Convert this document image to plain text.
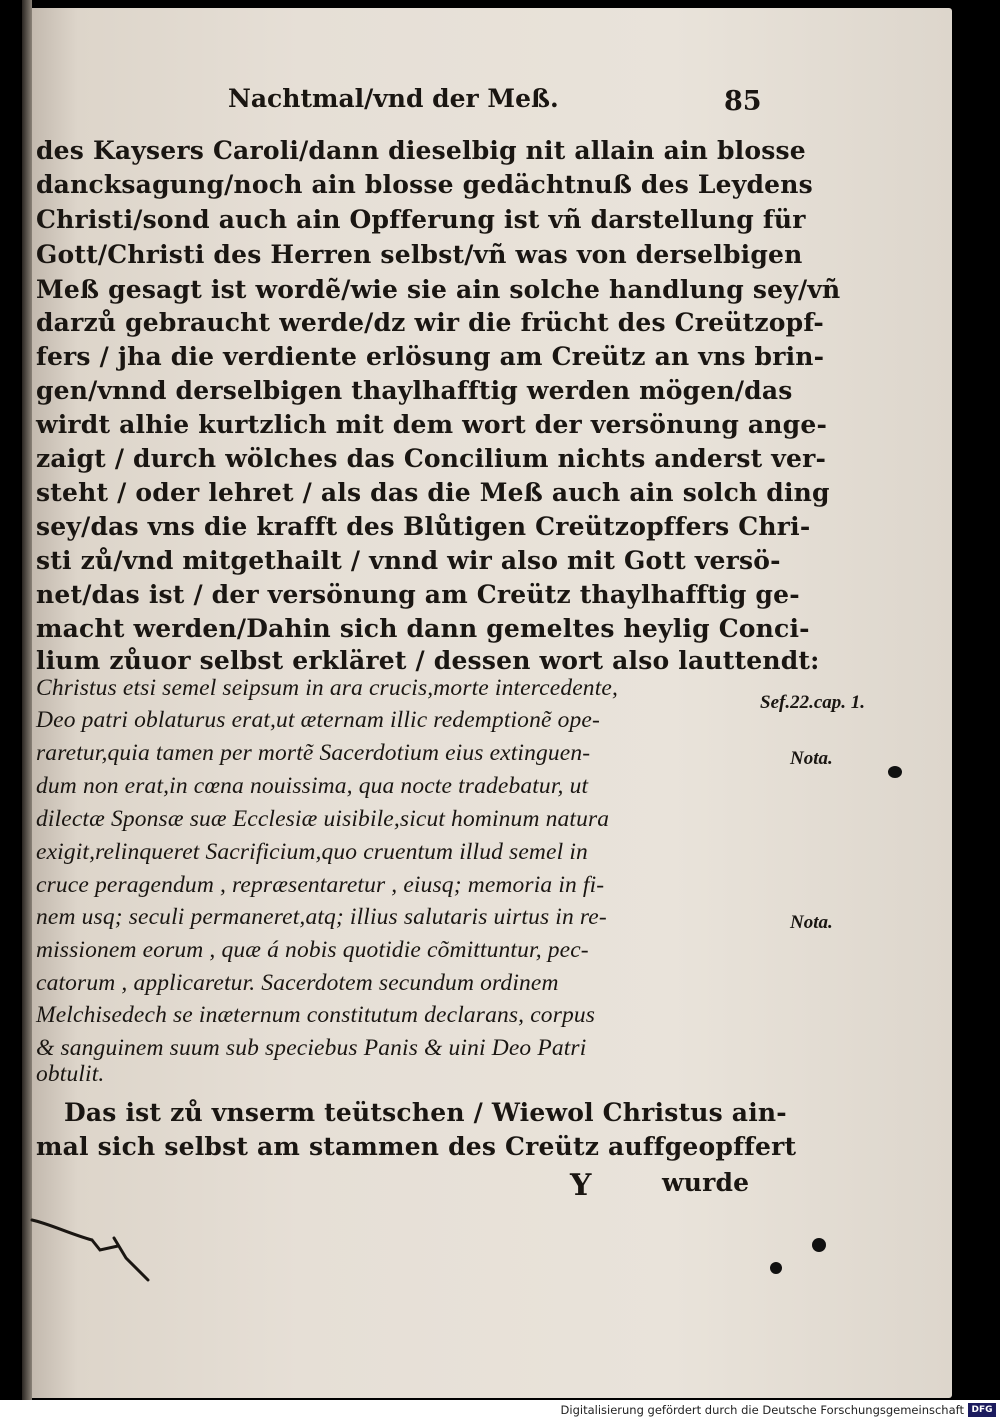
Nachtmal/vnd der Meß.	85
des Kaysers Caroli/dann dieselbig nit allain ain blosse
dancksagung/noch ain blosse gedächtnuß des Leydens
Christi/sond auch ain Opfferung ist vñ darstellung für
Gott/Christi des Herren selbst/vñ was von derselbigen
Meß gesagt ist wordẽ/wie sie ain solche handlung sey/vñ
darzů gebraucht werde/dz wir die frücht des Creützopf-
fers / jha die verdiente erlösung am Creütz an vns brin-
gen/vnnd derselbigen thaylhafftig werden mögen/das
wirdt alhie kurtzlich mit dem wort der versönung ange-
zaigt / durch wölches das Concilium nichts anderst ver-
steht / oder lehret / als das die Meß auch ain solch ding
sey/das vns die krafft des Blůtigen Creützopffers Chri-
sti zů/vnd mitgethailt / vnnd wir also mit Gott versö-
net/das ist / der versönung am Creütz thaylhafftig ge-
macht werden/Dahin sich dann gemeltes heylig Conci-
lium zůuor selbst erkläret / dessen wort also lauttendt:
Christus etsi semel seipsum in ara crucis,morte intercedente,
Deo patri oblaturus erat,ut æternam illic redemptionẽ ope-
raretur,quia tamen per mortẽ Sacerdotium eius extinguen-
dum non erat,in cœna nouissima, qua nocte tradebatur, ut
dilectæ Sponsæ suæ Ecclesiæ uisibile,sicut hominum natura
exigit,relinqueret Sacrificium,quo cruentum illud semel in
cruce peragendum , repræsentaretur , eiusq; memoria in fi-
nem usq; seculi permaneret,atq; illius salutaris uirtus in re-
missionem eorum , quæ á nobis quotidie cõmittuntur, pec-
catorum , applicaretur. Sacerdotem secundum ordinem
Melchisedech se inæternum constitutum declarans, corpus
& sanguinem suum sub speciebus Panis & uini Deo Patri
obtulit.
Das ist zů vnserm teütschen / Wiewol Christus ain-
mal sich selbst am stammen des Creütz auffgeopffert
Y	wurde
Sef.22.cap. 1.
Nota.
Nota.
Digitalisierung gefördert durch die Deutsche Forschungsgemeinschaft DFG
